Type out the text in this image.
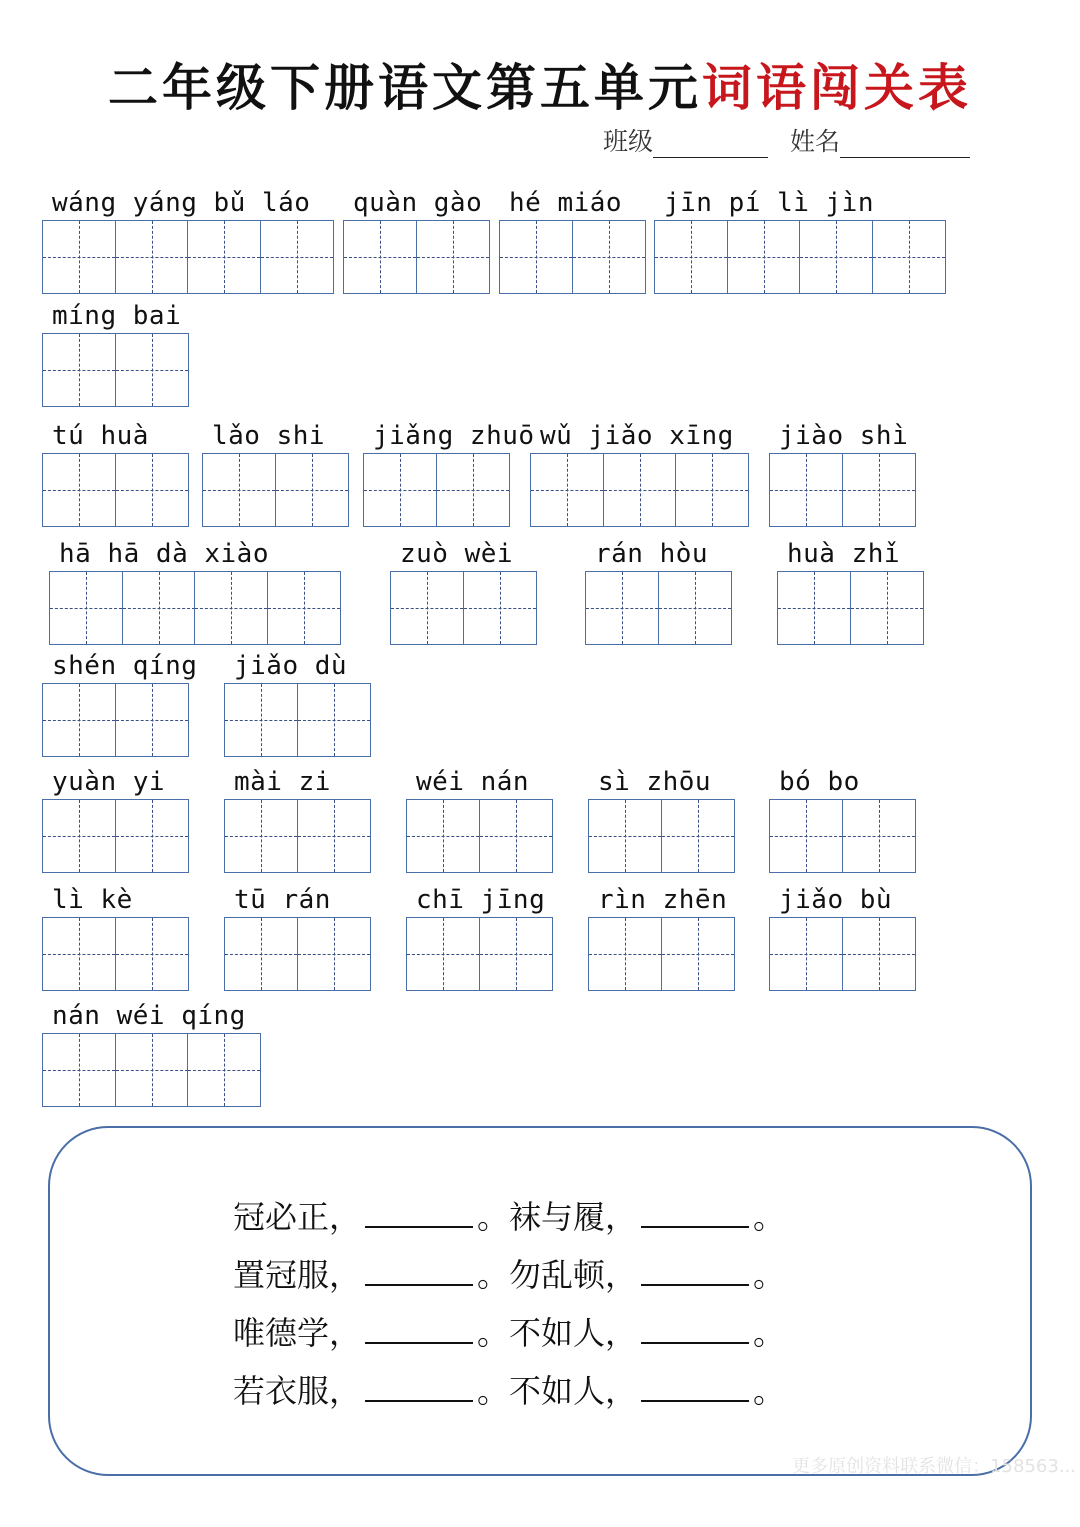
二年级下册语文第五单元词语闯关表
班级	姓名
wáng yáng bǔ láo quàn gào hé miáo jīn pí lì jìn
míng bai
tú huà lǎo shi jiǎng zhuō wǔ jiǎo xīng jiào shì
hā hā dà xiào	zuò wèi	rán hòu	huà zhǐ
shén qíng jiǎo dù
yuàn yi	mài zi	wéi nán	sì zhōu	bó bo
lì kè	tū rán	chī jīng rìn zhēn jiǎo bù
nán wéi qíng
冠必正，	。袜与履，	。
置冠服，	。勿乱顿，	。
唯德学，	。不如人，	。
若衣服，	。不如人，	。
更多原创资料联系微信：158563...
